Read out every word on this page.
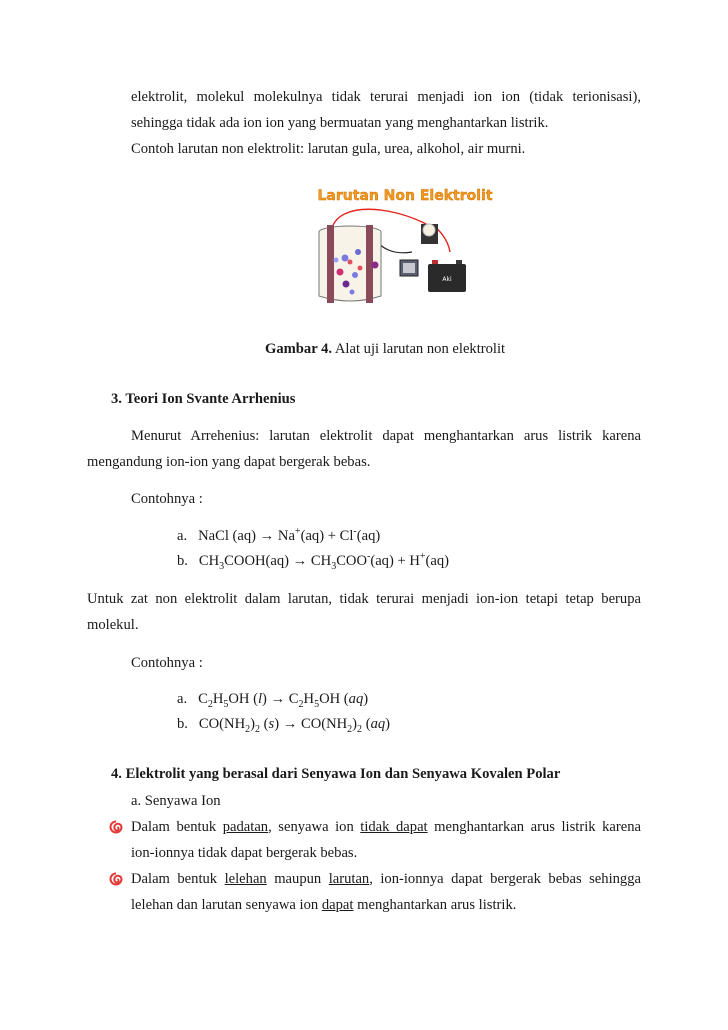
elektrolit, molekul molekulnya tidak terurai menjadi ion ion (tidak terionisasi),
sehingga tidak ada ion ion yang bermuatan yang menghantarkan listrik.
Contoh larutan non elektrolit: larutan gula, urea, alkohol, air murni.
Larutan Non Elektrolit
Aki
Gambar 4. Alat uji larutan non elektrolit
3. Teori Ion Svante Arrhenius
Menurut Arrehenius: larutan elektrolit dapat menghantarkan arus listrik karena
mengandung ion-ion yang dapat bergerak bebas.
Contohnya :
a.   NaCl (aq) → Na+(aq) + Cl-(aq)
b.   $CH_3COOH(aq) \to CH_3COO^-(aq) + H^+(aq)$
Untuk zat non elektrolit dalam larutan, tidak terurai menjadi ion-ion tetapi tetap berupa
molekul.
Contohnya :
a.   $C_2H_5OH$ $(l) \to C_2H_5OH$ (aq)
b.   $CO(NH_2)_2$ $(s) \to CO(NH_2)_2$ (aq)
4. Elektrolit yang berasal dari Senyawa Ion dan Senyawa Kovalen Polar
a. Senyawa Ion
Dalam bentuk padatan, senyawa ion tidak dapat menghantarkan arus listrik karena
ion-ionnya tidak dapat bergerak bebas.
Dalam bentuk lelehan maupun larutan, ion-ionnya dapat bergerak bebas sehingga
lelehan dan larutan senyawa ion dapat menghantarkan arus listrik.
